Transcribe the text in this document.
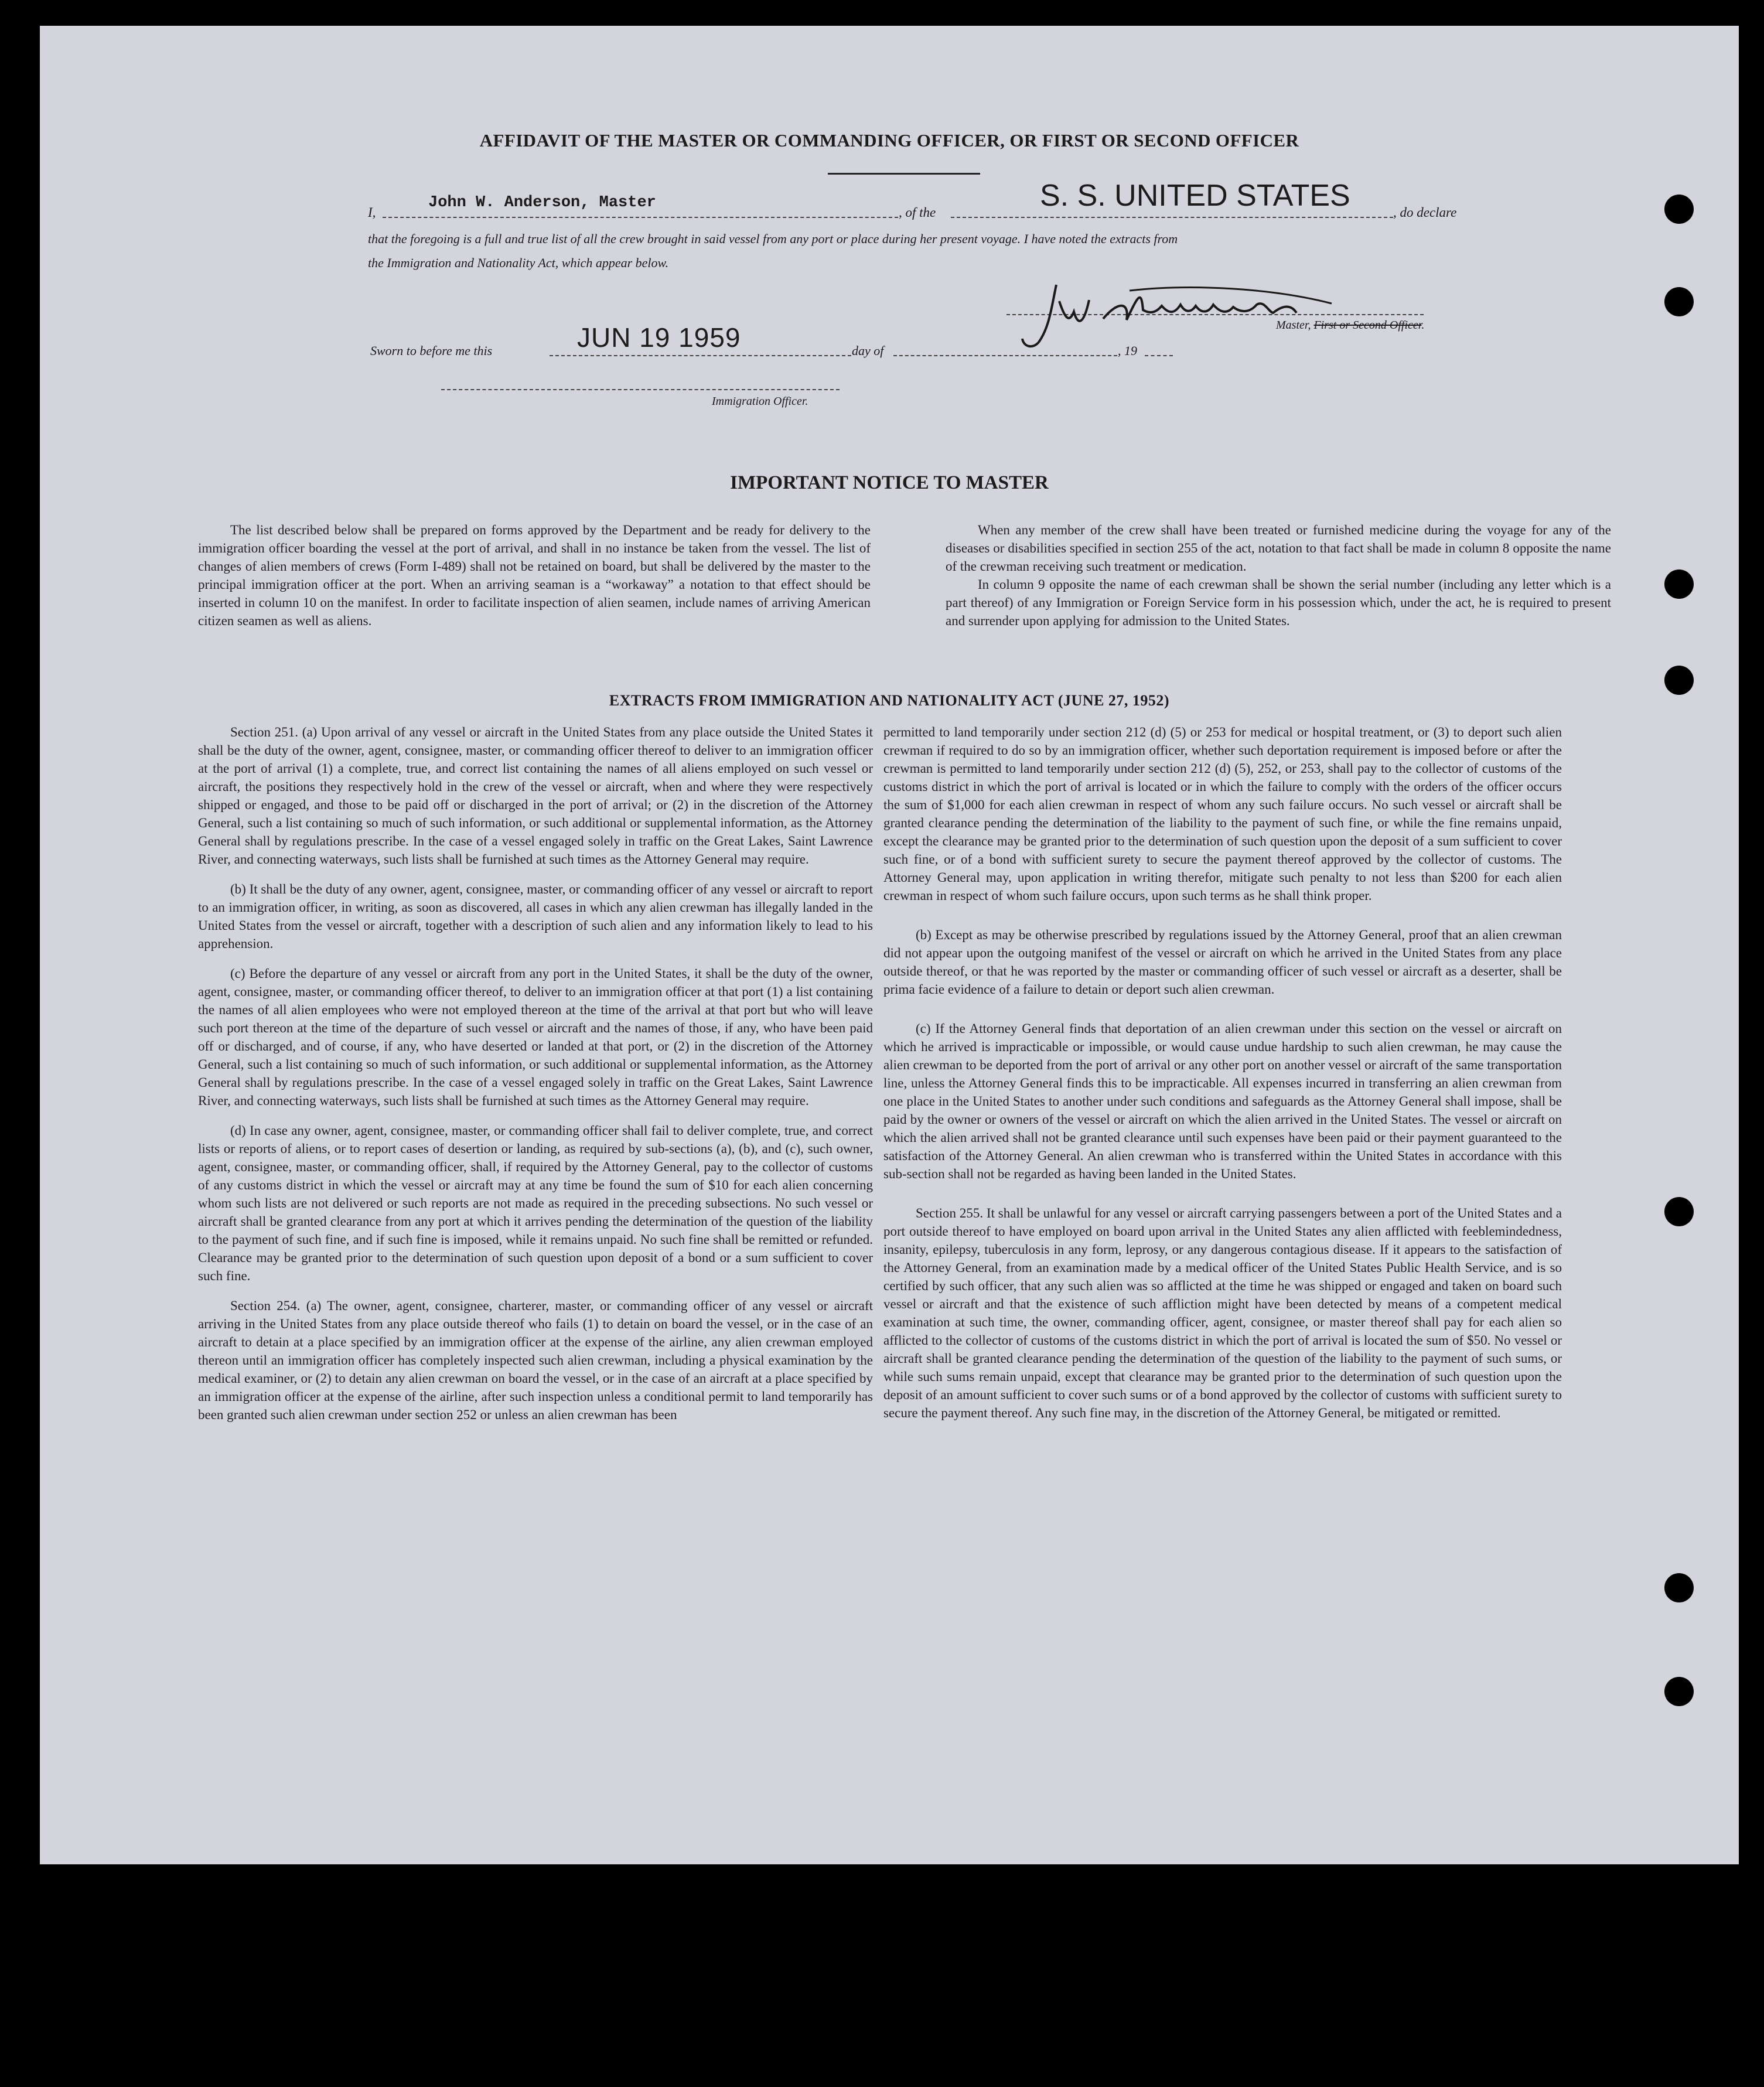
AFFIDAVIT OF THE MASTER OR COMMANDING OFFICER, OR FIRST OR SECOND OFFICER
I,
John W. Anderson, Master
, of the	S. S. UNITED STATES	, do declare
that the foregoing is a full and true list of all the crew brought in said vessel from any port or place during her present voyage. I have noted the extracts from
the Immigration and Nationality Act, which appear below.
Master, First or Second Officer.
Sworn to before me this	JUN 19 1959	day of	, 19
Immigration Officer.
IMPORTANT NOTICE TO MASTER

The list described below shall be prepared on forms approved by the Department and be ready for delivery to the immigration officer boarding the vessel at the port of arrival, and shall in no instance be taken from the vessel. The list of changes of alien members of crews (Form I-489) shall not be retained on board, but shall be delivered by the master to the principal immigration officer at the port. When an arriving seaman is a “workaway” a notation to that effect should be inserted in column 10 on the manifest. In order to facilitate inspection of alien seamen, include names of arriving American citizen seamen as well as aliens.

When any member of the crew shall have been treated or furnished medicine during the voyage for any of the diseases or disabilities specified in section 255 of the act, notation to that fact shall be made in column 8 opposite the name of the crewman receiving such treatment or medication.

In column 9 opposite the name of each crewman shall be shown the serial number (including any letter which is a part thereof) of any Immigration or Foreign Service form in his possession which, under the act, he is required to present and surrender upon applying for admission to the United States.

EXTRACTS FROM IMMIGRATION AND NATIONALITY ACT (JUNE 27, 1952)

Section 251. (a) Upon arrival of any vessel or aircraft in the United States from any place outside the United States it shall be the duty of the owner, agent, consignee, master, or commanding officer thereof to deliver to an immigration officer at the port of arrival (1) a complete, true, and correct list containing the names of all aliens employed on such vessel or aircraft, the positions they respectively hold in the crew of the vessel or aircraft, when and where they were respectively shipped or engaged, and those to be paid off or discharged in the port of arrival; or (2) in the discretion of the Attorney General, such a list containing so much of such information, or such additional or supplemental information, as the Attorney General shall by regulations prescribe. In the case of a vessel engaged solely in traffic on the Great Lakes, Saint Lawrence River, and connecting waterways, such lists shall be furnished at such times as the Attorney General may require.

(b) It shall be the duty of any owner, agent, consignee, master, or commanding officer of any vessel or aircraft to report to an immigration officer, in writing, as soon as discovered, all cases in which any alien crewman has illegally landed in the United States from the vessel or aircraft, together with a description of such alien and any information likely to lead to his apprehension.

(c) Before the departure of any vessel or aircraft from any port in the United States, it shall be the duty of the owner, agent, consignee, master, or commanding officer thereof, to deliver to an immigration officer at that port (1) a list containing the names of all alien employees who were not employed thereon at the time of the arrival at that port but who will leave such port thereon at the time of the departure of such vessel or aircraft and the names of those, if any, who have been paid off or discharged, and of course, if any, who have deserted or landed at that port, or (2) in the discretion of the Attorney General, such a list containing so much of such information, or such additional or supplemental information, as the Attorney General shall by regulations prescribe. In the case of a vessel engaged solely in traffic on the Great Lakes, Saint Lawrence River, and connecting waterways, such lists shall be furnished at such times as the Attorney General may require.

(d) In case any owner, agent, consignee, master, or commanding officer shall fail to deliver complete, true, and correct lists or reports of aliens, or to report cases of desertion or landing, as required by sub-sections (a), (b), and (c), such owner, agent, consignee, master, or commanding officer, shall, if required by the Attorney General, pay to the collector of customs of any customs district in which the vessel or aircraft may at any time be found the sum of $10 for each alien concerning whom such lists are not delivered or such reports are not made as required in the preceding subsections. No such vessel or aircraft shall be granted clearance from any port at which it arrives pending the determination of the question of the liability to the payment of such fine, and if such fine is imposed, while it remains unpaid. No such fine shall be remitted or refunded. Clearance may be granted prior to the determination of such question upon deposit of a bond or a sum sufficient to cover such fine.

Section 254. (a) The owner, agent, consignee, charterer, master, or commanding officer of any vessel or aircraft arriving in the United States from any place outside thereof who fails (1) to detain on board the vessel, or in the case of an aircraft to detain at a place specified by an immigration officer at the expense of the airline, any alien crewman employed thereon until an immigration officer has completely inspected such alien crewman, including a physical examination by the medical examiner, or (2) to detain any alien crewman on board the vessel, or in the case of an aircraft at a place specified by an immigration officer at the expense of the airline, after such inspection unless a conditional permit to land temporarily has been granted such alien crewman under section 252 or unless an alien crewman has been

permitted to land temporarily under section 212 (d) (5) or 253 for medical or hospital treatment, or (3) to deport such alien crewman if required to do so by an immigration officer, whether such deportation requirement is imposed before or after the crewman is permitted to land temporarily under section 212 (d) (5), 252, or 253, shall pay to the collector of customs of the customs district in which the port of arrival is located or in which the failure to comply with the orders of the officer occurs the sum of $1,000 for each alien crewman in respect of whom any such failure occurs. No such vessel or aircraft shall be granted clearance pending the determination of the liability to the payment of such fine, or while the fine remains unpaid, except the clearance may be granted prior to the determination of such question upon the deposit of a sum sufficient to cover such fine, or of a bond with sufficient surety to secure the payment thereof approved by the collector of customs. The Attorney General may, upon application in writing therefor, mitigate such penalty to not less than $200 for each alien crewman in respect of whom such failure occurs, upon such terms as he shall think proper.

(b) Except as may be otherwise prescribed by regulations issued by the Attorney General, proof that an alien crewman did not appear upon the outgoing manifest of the vessel or aircraft on which he arrived in the United States from any place outside thereof, or that he was reported by the master or commanding officer of such vessel or aircraft as a deserter, shall be prima facie evidence of a failure to detain or deport such alien crewman.

(c) If the Attorney General finds that deportation of an alien crewman under this section on the vessel or aircraft on which he arrived is impracticable or impossible, or would cause undue hardship to such alien crewman, he may cause the alien crewman to be deported from the port of arrival or any other port on another vessel or aircraft of the same transportation line, unless the Attorney General finds this to be impracticable. All expenses incurred in transferring an alien crewman from one place in the United States to another under such conditions and safeguards as the Attorney General shall impose, shall be paid by the owner or owners of the vessel or aircraft on which the alien arrived in the United States. The vessel or aircraft on which the alien arrived shall not be granted clearance until such expenses have been paid or their payment guaranteed to the satisfaction of the Attorney General. An alien crewman who is transferred within the United States in accordance with this sub-section shall not be regarded as having been landed in the United States.

Section 255. It shall be unlawful for any vessel or aircraft carrying passengers between a port of the United States and a port outside thereof to have employed on board upon arrival in the United States any alien afflicted with feeblemindedness, insanity, epilepsy, tuberculosis in any form, leprosy, or any dangerous contagious disease. If it appears to the satisfaction of the Attorney General, from an examination made by a medical officer of the United States Public Health Service, and is so certified by such officer, that any such alien was so afflicted at the time he was shipped or engaged and taken on board such vessel or aircraft and that the existence of such affliction might have been detected by means of a competent medical examination at such time, the owner, commanding officer, agent, consignee, or master thereof shall pay for each alien so afflicted to the collector of customs of the customs district in which the port of arrival is located the sum of $50. No vessel or aircraft shall be granted clearance pending the determination of the question of the liability to the payment of such sums, or while such sums remain unpaid, except that clearance may be granted prior to the determination of such question upon the deposit of an amount sufficient to cover such sums or of a bond approved by the collector of customs with sufficient surety to secure the payment thereof. Any such fine may, in the discretion of the Attorney General, be mitigated or remitted.
